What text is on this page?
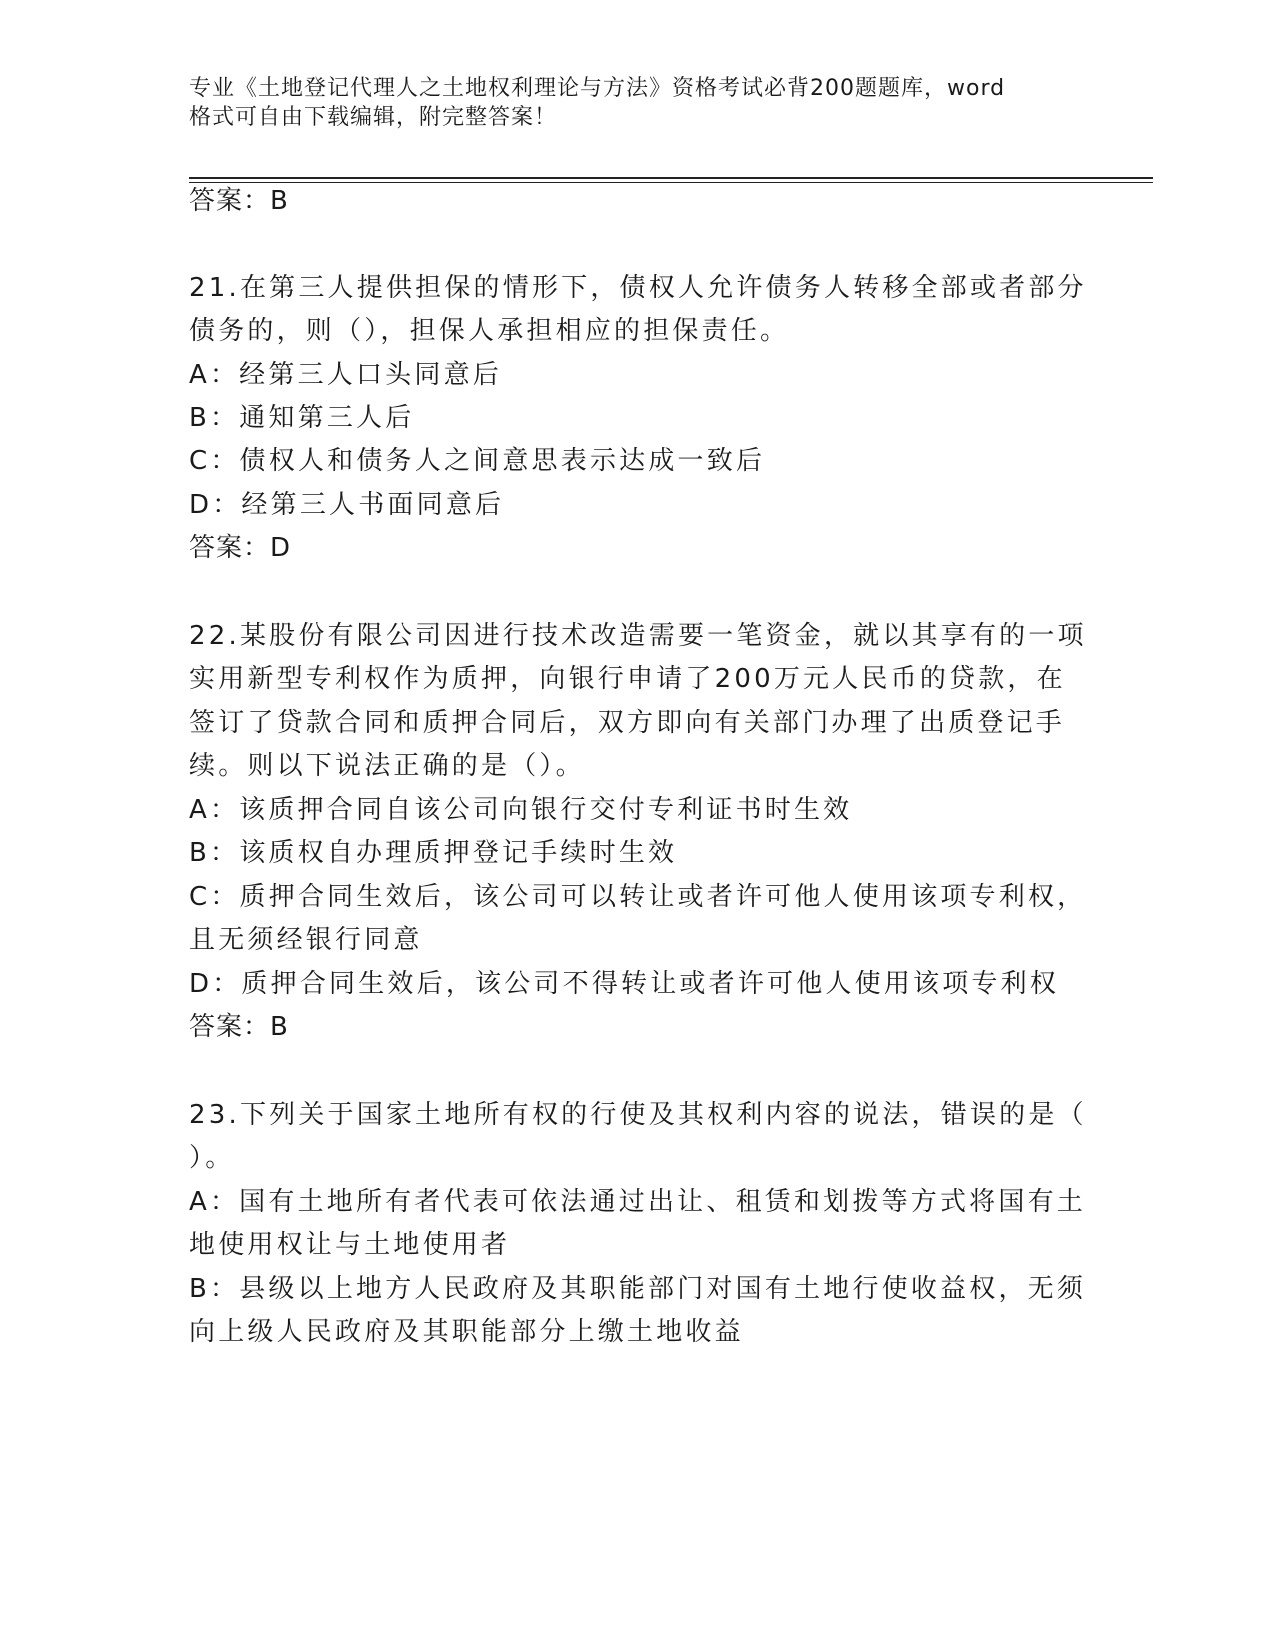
专业《土地登记代理人之土地权利理论与方法》资格考试必背200题题库，word
格式可自由下载编辑，附完整答案！
答案：B
21.在第三人提供担保的情形下，债权人允许债务人转移全部或者部分
债务的，则（），担保人承担相应的担保责任。
A：经第三人口头同意后
B：通知第三人后
C：债权人和债务人之间意思表示达成一致后
D：经第三人书面同意后
答案：D
22.某股份有限公司因进行技术改造需要一笔资金，就以其享有的一项
实用新型专利权作为质押，向银行申请了200万元人民币的贷款，在
签订了贷款合同和质押合同后，双方即向有关部门办理了出质登记手
续。则以下说法正确的是（）。
A：该质押合同自该公司向银行交付专利证书时生效
B：该质权自办理质押登记手续时生效
C：质押合同生效后，该公司可以转让或者许可他人使用该项专利权，
且无须经银行同意
D：质押合同生效后，该公司不得转让或者许可他人使用该项专利权
答案：B
23.下列关于国家土地所有权的行使及其权利内容的说法，错误的是（
）。
A：国有土地所有者代表可依法通过出让、租赁和划拨等方式将国有土
地使用权让与土地使用者
B：县级以上地方人民政府及其职能部门对国有土地行使收益权，无须
向上级人民政府及其职能部分上缴土地收益
